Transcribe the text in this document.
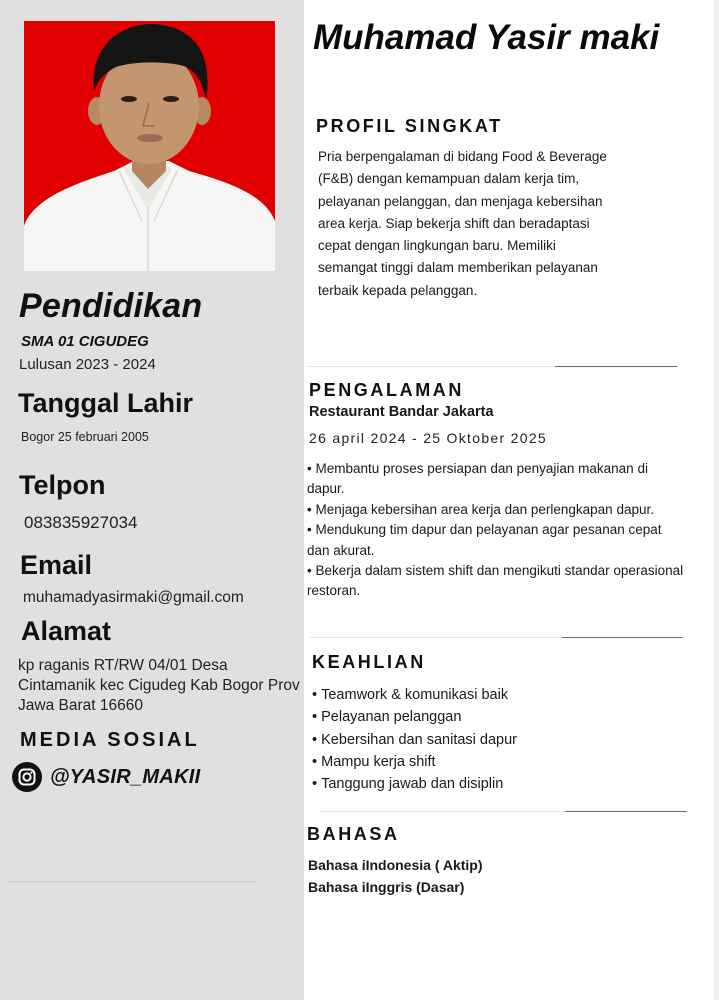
Pendidikan
SMA 01 CIGUDEG
Lulusan 2023 - 2024
Tanggal Lahir
Bogor 25 februari 2005
Telpon
083835927034
Email
muhamadyasirmaki@gmail.com
Alamat
kp raganis RT/RW 04/01 Desa Cintamanik kec Cigudeg Kab Bogor Prov Jawa Barat 16660
MEDIA SOSIAL
@YASIR_MAKII
Muhamad Yasir maki
PROFIL SINGKAT
Pria berpengalaman di bidang Food & Beverage (F&B) dengan kemampuan dalam kerja tim, pelayanan pelanggan, dan menjaga kebersihan area kerja. Siap bekerja shift dan beradaptasi cepat dengan lingkungan baru. Memiliki semangat tinggi dalam memberikan pelayanan terbaik kepada pelanggan.
PENGALAMAN
Restaurant Bandar Jakarta
26 april 2024 - 25 Oktober 2025
• Membantu proses persiapan dan penyajian makanan di dapur.
• Menjaga kebersihan area kerja dan perlengkapan dapur.
• Mendukung tim dapur dan pelayanan agar pesanan cepat dan akurat.
• Bekerja dalam sistem shift dan mengikuti standar operasional restoran.
KEAHLIAN
• Teamwork & komunikasi baik
• Pelayanan pelanggan
• Kebersihan dan sanitasi dapur
• Mampu kerja shift
• Tanggung jawab dan disiplin
BAHASA
Bahasa iIndonesia ( Aktip)
Bahasa iInggris (Dasar)
